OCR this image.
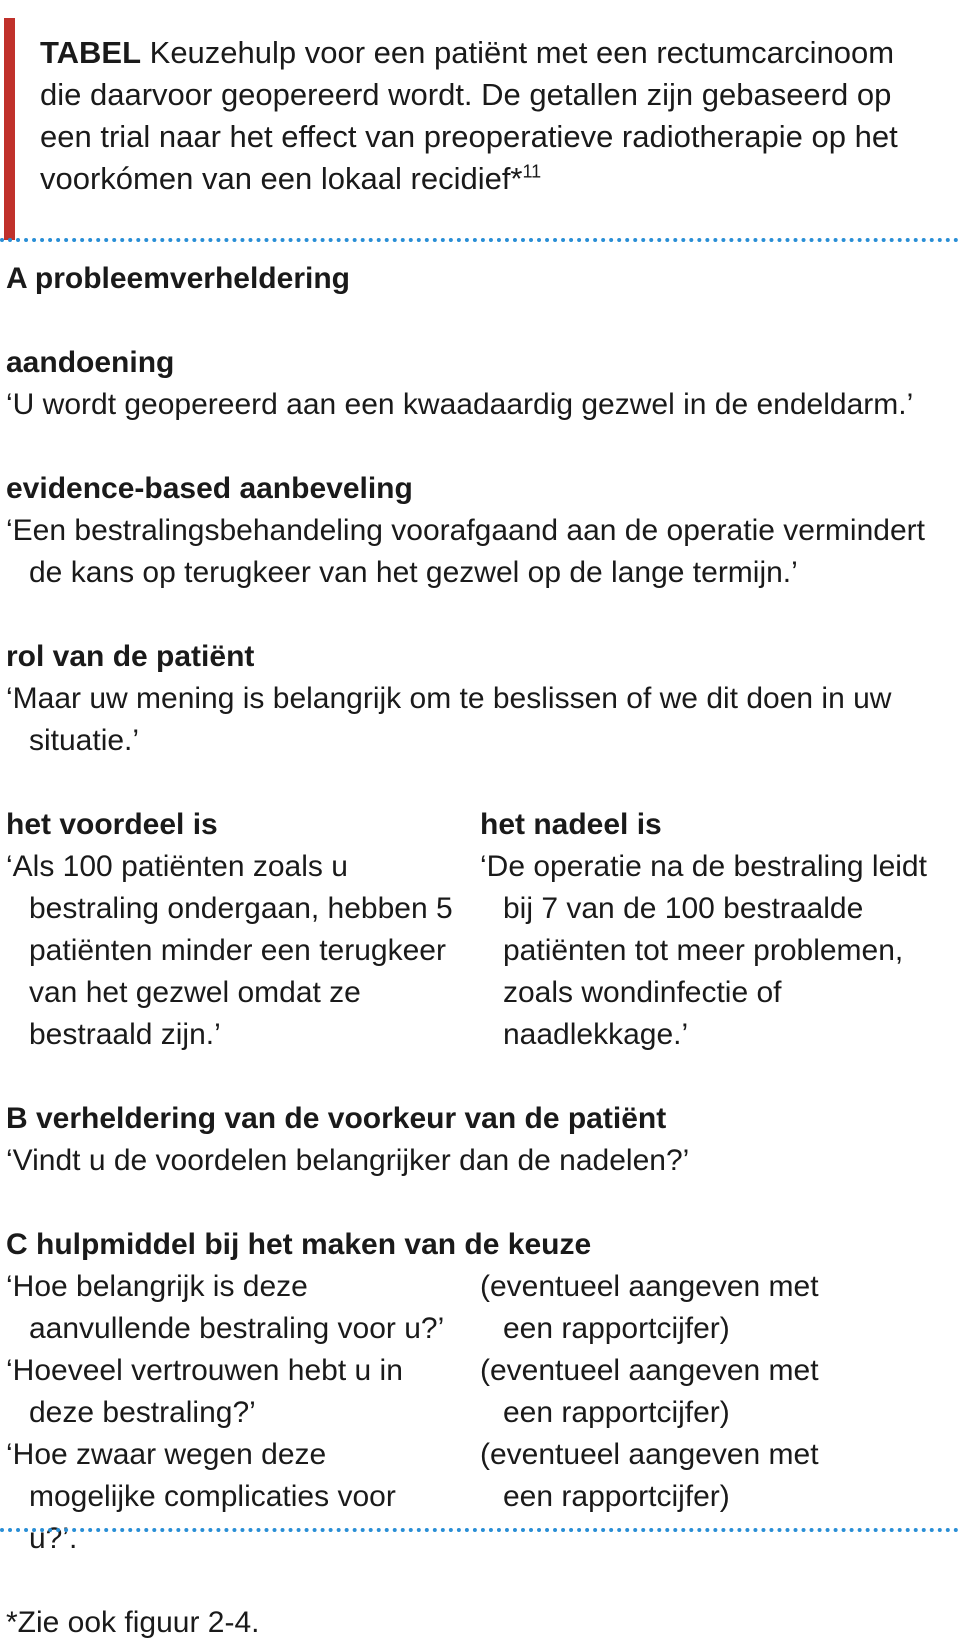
TABEL Keuzehulp voor een patiënt met een rectumcarcinoom die daarvoor geopereerd wordt. De getallen zijn gebaseerd op een trial naar het effect van preoperatieve radiotherapie op het voorkómen van een lokaal recidief*$^{11}$

A probleemverheldering

aandoening

‘U wordt geopereerd aan een kwaadaardig gezwel in de endeldarm.’

evidence-based aanbeveling

‘Een bestralingsbehandeling voorafgaand aan de operatie vermindert de kans op terugkeer van het gezwel op de lange termijn.’

rol van de patiënt

‘Maar uw mening is belangrijk om te beslissen of we dit doen in uw situatie.’

het voordeel is

‘Als 100 patiënten zoals u bestraling ondergaan, hebben 5 patiënten minder een terugkeer van het gezwel omdat ze bestraald zijn.’

het nadeel is

‘De operatie na de bestraling leidt bij 7 van de 100 bestraalde patiënten tot meer problemen, zoals wondinfectie of naadlekkage.’

B verheldering van de voorkeur van de patiënt

‘Vindt u de voordelen belangrijker dan de nadelen?’

C hulpmiddel bij het maken van de keuze

‘Hoe belangrijk is deze aanvullende bestraling voor u?’

(eventueel aangeven met een rapportcijfer)

‘Hoeveel vertrouwen hebt u in deze bestraling?’

(eventueel aangeven met een rapportcijfer)

‘Hoe zwaar wegen deze mogelijke complicaties voor u?’.

(eventueel aangeven met een rapportcijfer)

*Zie ook figuur 2-4.
